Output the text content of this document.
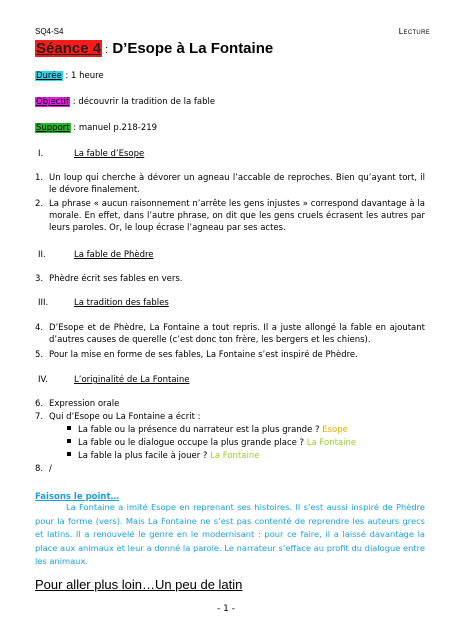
SQ4-S4	Lecture
Séance 4 : D’Esope à La Fontaine
Durée : 1 heure
Objectif : découvrir la tradition de la fable
Support : manuel p.218-219
I.	La fable d’Esope
1. Un loup qui cherche à dévorer un agneau l’accable de reproches. Bien qu’ayant tort, il le dévore finalement.
2. La phrase « aucun raisonnement n’arrête les gens injustes » correspond davantage à la morale. En effet, dans l’autre phrase, on dit que les gens cruels écrasent les autres par leurs paroles. Or, le loup écrase l’agneau par ses actes.
II.	La fable de Phèdre
3. Phèdre écrit ses fables en vers.
III.	La tradition des fables
4. D’Esope et de Phèdre, La Fontaine a tout repris. Il a juste allongé la fable en ajoutant d’autres causes de querelle (c’est donc ton frère, les bergers et les chiens).
5. Pour la mise en forme de ses fables, La Fontaine s’est inspiré de Phèdre.
IV.	L’originalité de La Fontaine
6. Expression orale
7. Qui d’Esope ou La Fontaine a écrit :
La fable ou la présence du narrateur est la plus grande ? Esope
La fable ou le dialogue occupe la plus grande place ? La Fontaine
La fable la plus facile à jouer ? La Fontaine
8. /
Faisons le point…
La Fontaine a imité Esope en reprenant ses histoires. Il s’est aussi inspiré de Phèdre pour la forme (vers). Mais La Fontaine ne s’est pas contenté de reprendre les auteurs grecs et latins. Il a renouvelé le genre en le modernisant : pour ce faire, il a laissé davantage la place aux animaux et leur a donné la parole. Le narrateur s’efface au profit du dialogue entre les animaux.
Pour aller plus loin…Un peu de latin
- 1 -
